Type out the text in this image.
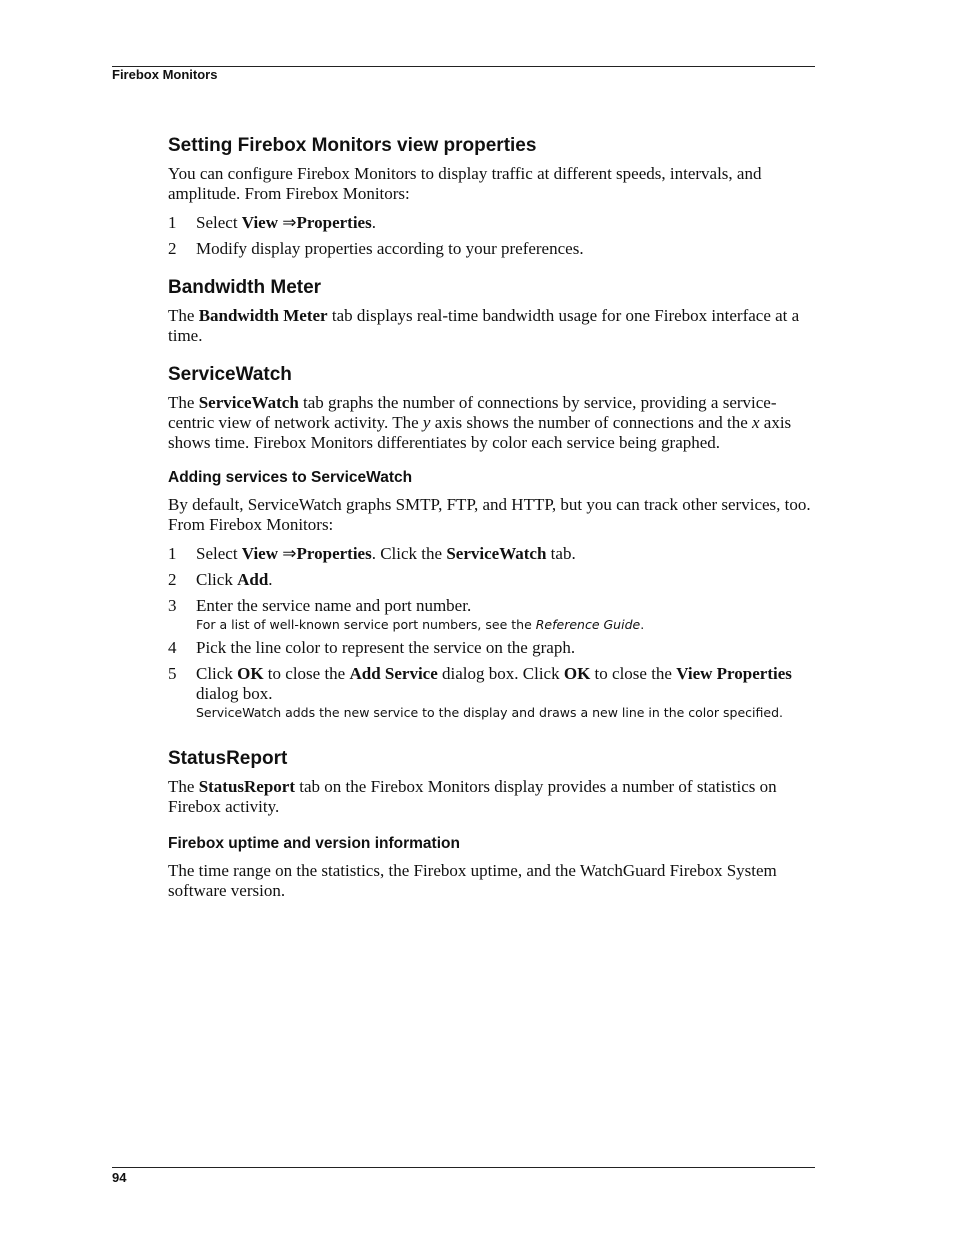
Firebox Monitors
Setting Firebox Monitors view properties

You can configure Firebox Monitors to display traffic at different speeds, intervals, and amplitude. From Firebox Monitors:

1 Select View ⇒Properties.
2 Modify display properties according to your preferences.
Bandwidth Meter

The Bandwidth Meter tab displays real-time bandwidth usage for one Firebox interface at a time.

ServiceWatch

The ServiceWatch tab graphs the number of connections by service, providing a service-centric view of network activity. The y axis shows the number of connections and the x axis shows time. Firebox Monitors differentiates by color each service being graphed.

Adding services to ServiceWatch

By default, ServiceWatch graphs SMTP, FTP, and HTTP, but you can track other services, too. From Firebox Monitors:

1 Select View ⇒Properties. Click the ServiceWatch tab.
2 Click Add.
3 Enter the service name and port number.
For a list of well-known service port numbers, see the Reference Guide.
4 Pick the line color to represent the service on the graph.
5 Click OK to close the Add Service dialog box. Click OK to close the View Properties dialog box.
ServiceWatch adds the new service to the display and draws a new line in the color specified.
StatusReport

The StatusReport tab on the Firebox Monitors display provides a number of statistics on Firebox activity.

Firebox uptime and version information

The time range on the statistics, the Firebox uptime, and the WatchGuard Firebox System software version.

94
